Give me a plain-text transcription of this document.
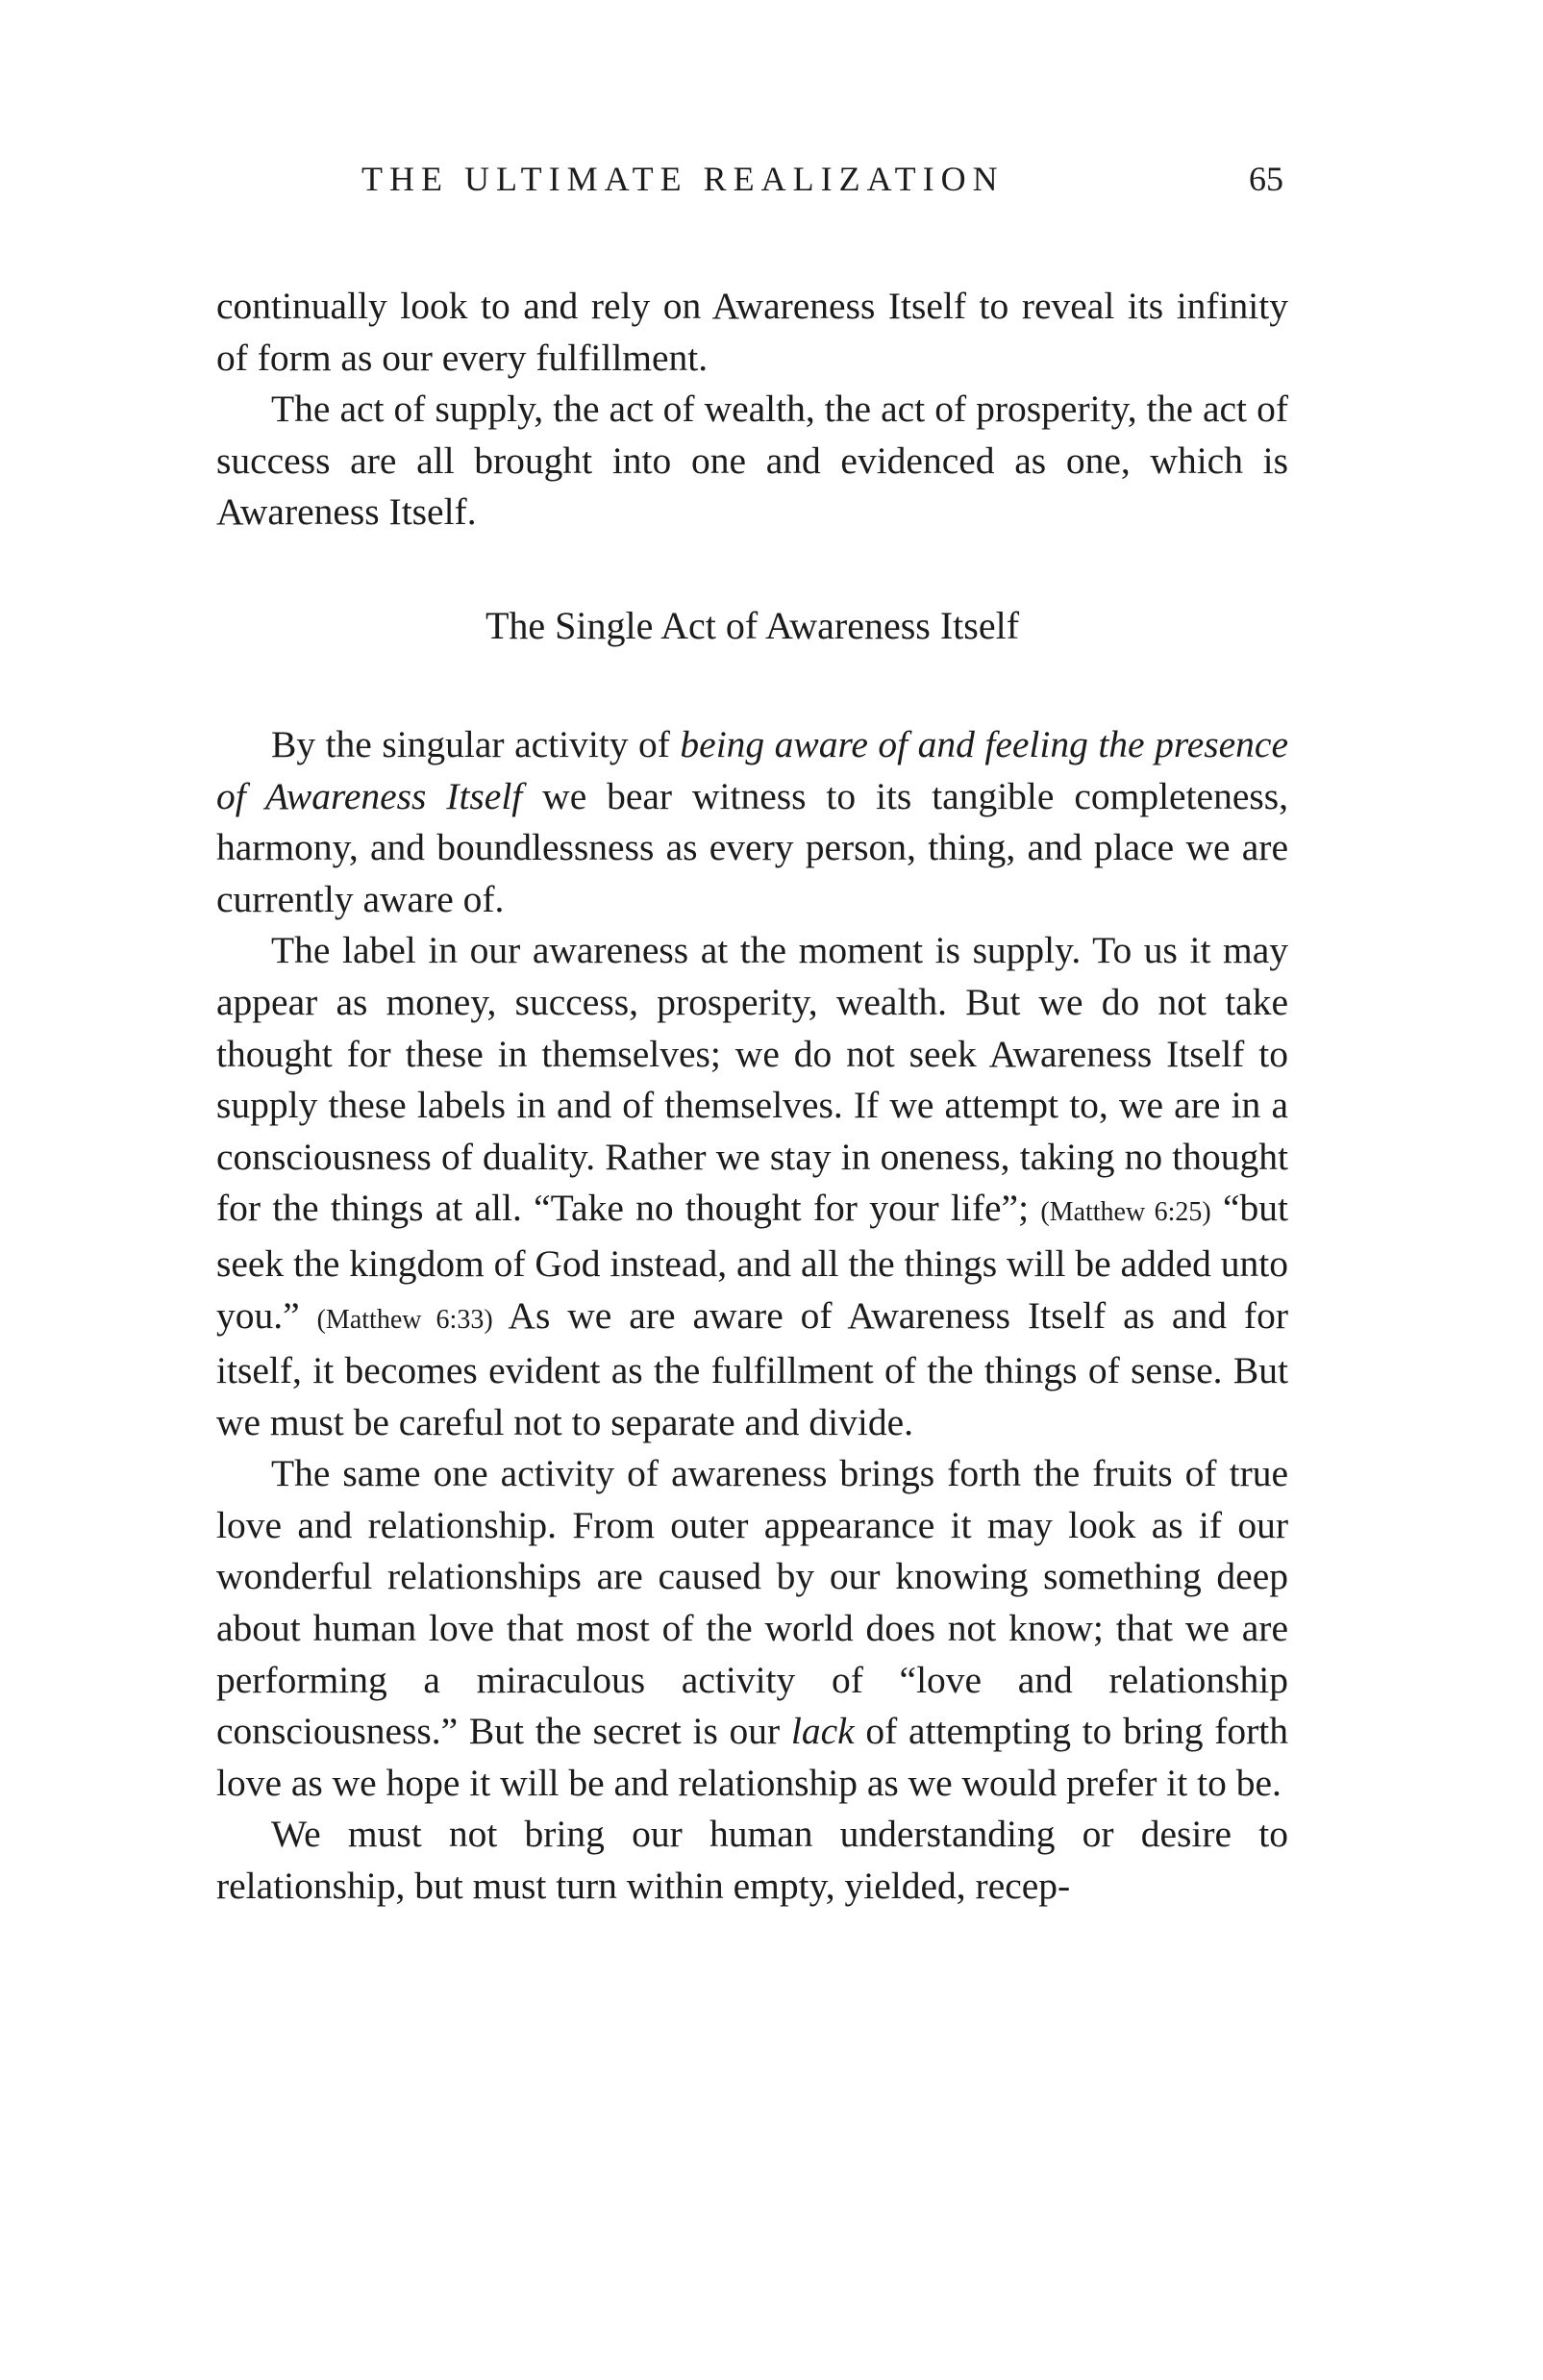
THE ULTIMATE REALIZATION	65

continually look to and rely on Awareness Itself to reveal its infinity of form as our every fulfillment.

The act of supply, the act of wealth, the act of prosperity, the act of success are all brought into one and evidenced as one, which is Awareness Itself.

The Single Act of Awareness Itself

By the singular activity of being aware of and feeling the presence of Awareness Itself we bear witness to its tangible completeness, harmony, and boundlessness as every person, thing, and place we are currently aware of.

The label in our awareness at the moment is supply. To us it may appear as money, success, prosperity, wealth. But we do not take thought for these in themselves; we do not seek Awareness Itself to supply these labels in and of themselves. If we attempt to, we are in a consciousness of duality. Rather we stay in oneness, taking no thought for the things at all. “Take no thought for your life”; (Matthew 6:25) “but seek the kingdom of God instead, and all the things will be added unto you.” (Matthew 6:33) As we are aware of Awareness Itself as and for itself, it becomes evident as the fulfillment of the things of sense. But we must be careful not to separate and divide.

The same one activity of awareness brings forth the fruits of true love and relationship. From outer appearance it may look as if our wonderful relationships are caused by our knowing something deep about human love that most of the world does not know; that we are performing a miraculous activity of “love and relationship consciousness.” But the secret is our lack of attempting to bring forth love as we hope it will be and relationship as we would prefer it to be.

We must not bring our human understanding or desire to relationship, but must turn within empty, yielded, recep-
